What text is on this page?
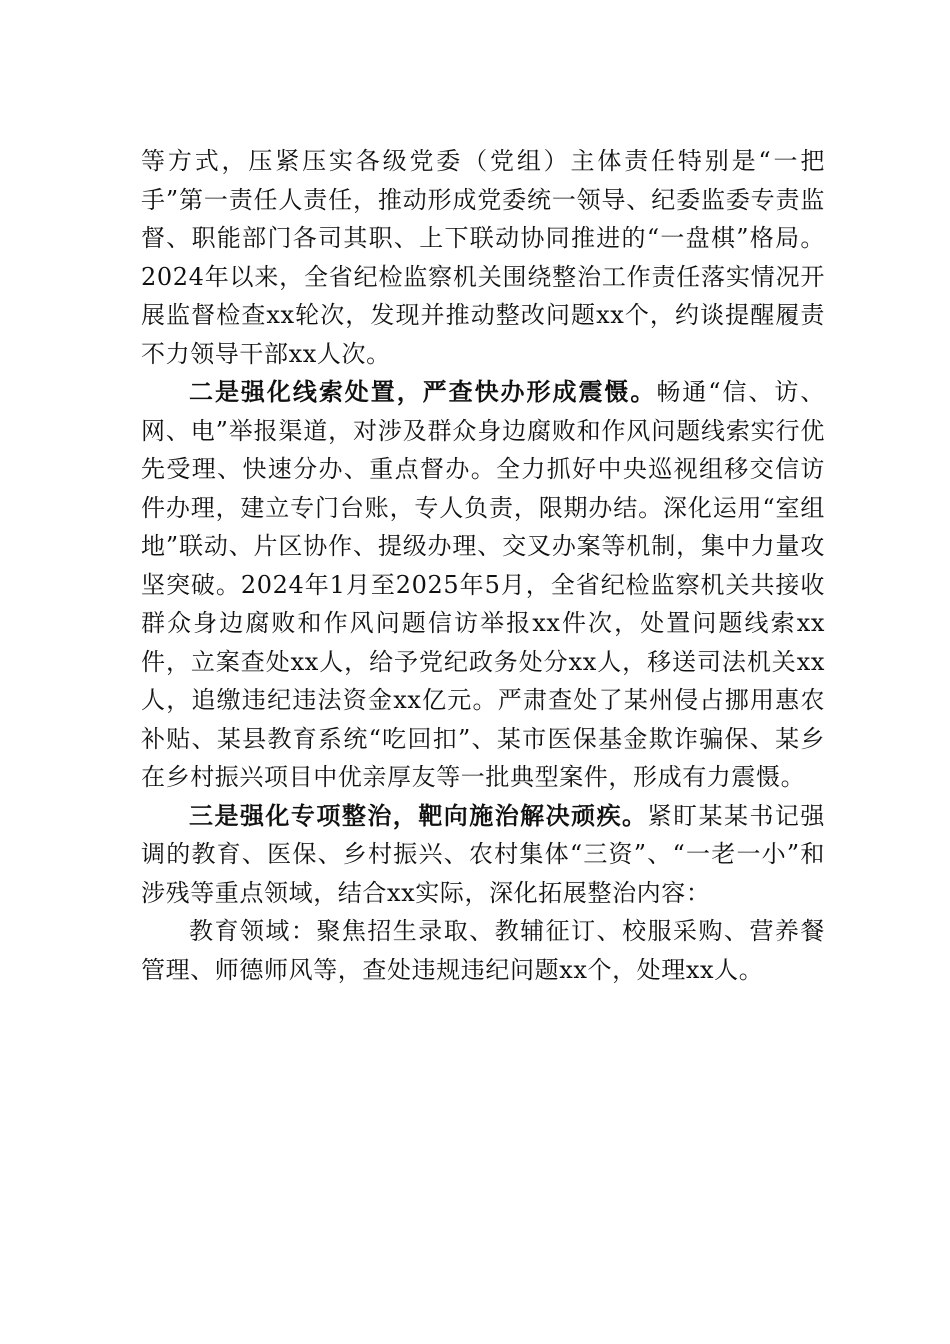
等方式，压紧压实各级党委（党组）主体责任特别是“一把手”第一责任人责任，推动形成党委统一领导、纪委监委专责监督、职能部门各司其职、上下联动协同推进的“一盘棋”格局。2024年以来，全省纪检监察机关围绕整治工作责任落实情况开展监督检查xx轮次，发现并推动整改问题xx个，约谈提醒履责不力领导干部xx人次。

二是强化线索处置，严查快办形成震慑。畅通“信、访、网、电”举报渠道，对涉及群众身边腐败和作风问题线索实行优先受理、快速分办、重点督办。全力抓好中央巡视组移交信访件办理，建立专门台账，专人负责，限期办结。深化运用“室组地”联动、片区协作、提级办理、交叉办案等机制，集中力量攻坚突破。2024年1月至2025年5月，全省纪检监察机关共接收群众身边腐败和作风问题信访举报xx件次，处置问题线索xx件，立案查处xx人，给予党纪政务处分xx人，移送司法机关xx人，追缴违纪违法资金xx亿元。严肃查处了某州侵占挪用惠农补贴、某县教育系统“吃回扣”、某市医保基金欺诈骗保、某乡在乡村振兴项目中优亲厚友等一批典型案件，形成有力震慑。

三是强化专项整治，靶向施治解决顽疾。紧盯某某书记强调的教育、医保、乡村振兴、农村集体“三资”、“一老一小”和涉残等重点领域，结合xx实际，深化拓展整治内容：

教育领域：聚焦招生录取、教辅征订、校服采购、营养餐管理、师德师风等，查处违规违纪问题xx个，处理xx人。
